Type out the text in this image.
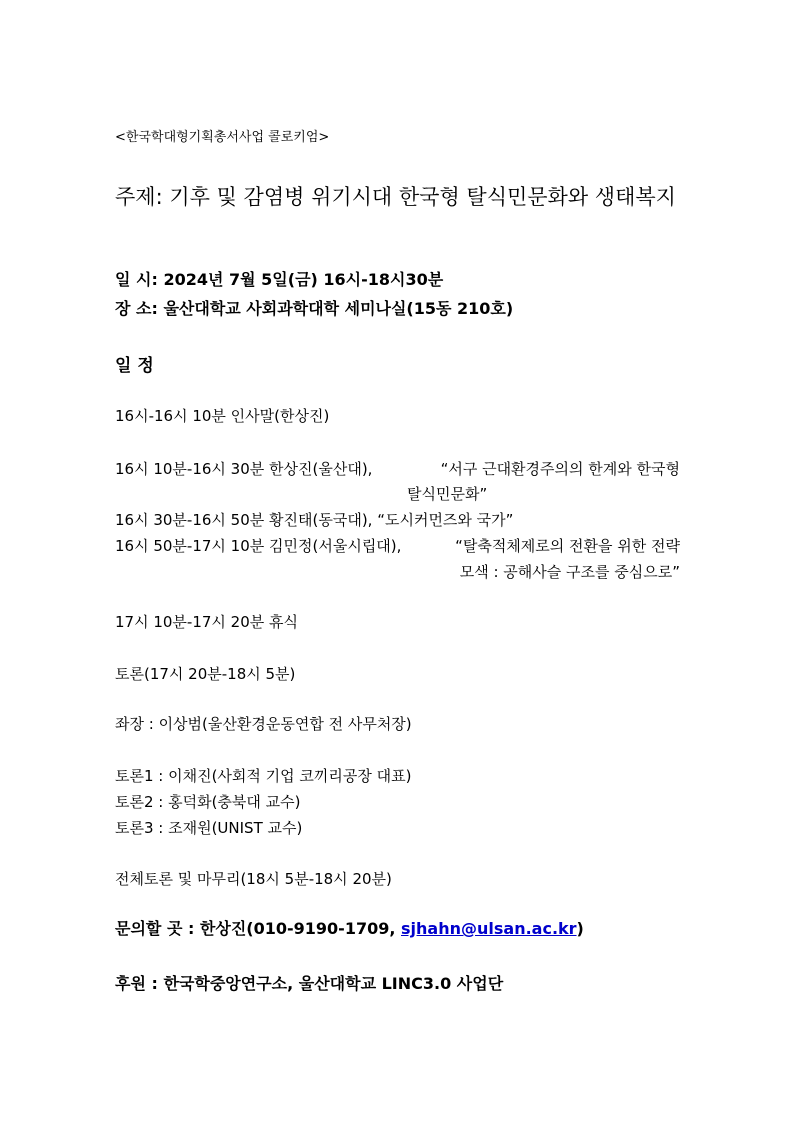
<한국학대형기획총서사업 콜로키엄>
주제: 기후 및 감염병 위기시대 한국형 탈식민문화와 생태복지
일 시: 2024년 7월 5일(금) 16시-18시30분
장 소: 울산대학교 사회과학대학 세미나실(15동 210호)
일 정
16시-16시 10분 인사말(한상진)
16시 10분-16시 30분 한상진(울산대),	“서구 근대환경주의의 한계와 한국형
탈식민문화”
16시 30분-16시 50분 황진태(동국대), “도시커먼즈와 국가”
16시 50분-17시 10분 김민정(서울시립대),	“탈축적체제로의 전환을 위한 전략
모색 : 공해사슬 구조를 중심으로”
17시 10분-17시 20분 휴식
토론(17시 20분-18시 5분)
좌장 : 이상범(울산환경운동연합 전 사무처장)
토론1 : 이채진(사회적 기업 코끼리공장 대표)
토론2 : 홍덕화(충북대 교수)
토론3 : 조재원(UNIST 교수)
전체토론 및 마무리(18시 5분-18시 20분)
문의할 곳 : 한상진(010-9190-1709, sjhahn@ulsan.ac.kr)
후원 : 한국학중앙연구소, 울산대학교 LINC3.0 사업단
